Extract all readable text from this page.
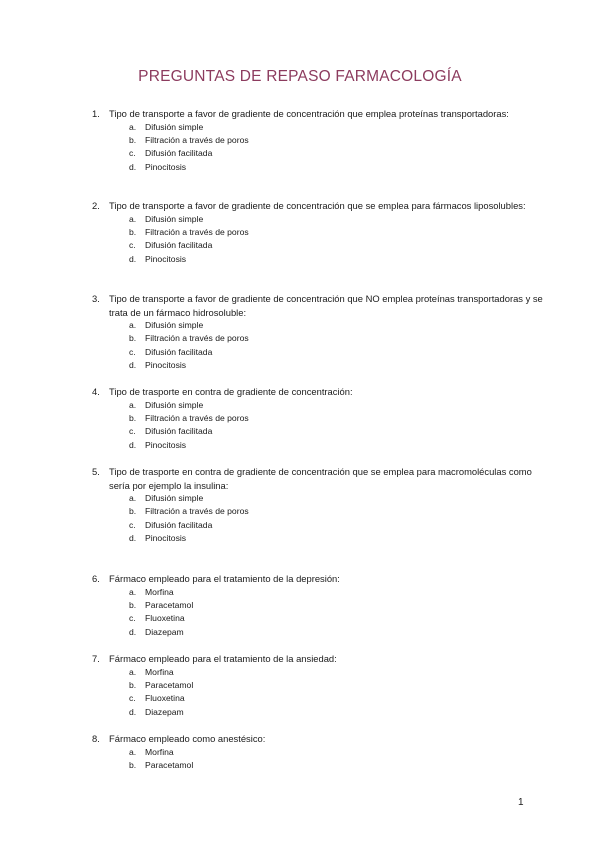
PREGUNTAS DE REPASO FARMACOLOGÍA
1. Tipo de transporte a favor de gradiente de concentración que emplea proteínas transportadoras:
a. Difusión simple
b. Filtración a través de poros
c. Difusión facilitada
d. Pinocitosis
2. Tipo de transporte a favor de gradiente de concentración que se emplea para fármacos liposolubles:
a. Difusión simple
b. Filtración a través de poros
c. Difusión facilitada
d. Pinocitosis
3. Tipo de transporte a favor de gradiente de concentración que NO emplea proteínas transportadoras y se trata de un fármaco hidrosoluble:
a. Difusión simple
b. Filtración a través de poros
c. Difusión facilitada
d. Pinocitosis
4. Tipo de trasporte en contra de gradiente de concentración:
a. Difusión simple
b. Filtración a través de poros
c. Difusión facilitada
d. Pinocitosis
5. Tipo de trasporte en contra de gradiente de concentración que se emplea para macromoléculas como sería por ejemplo la insulina:
a. Difusión simple
b. Filtración a través de poros
c. Difusión facilitada
d. Pinocitosis
6. Fármaco empleado para el tratamiento de la depresión:
a. Morfina
b. Paracetamol
c. Fluoxetina
d. Diazepam
7. Fármaco empleado para el tratamiento de la ansiedad:
a. Morfina
b. Paracetamol
c. Fluoxetina
d. Diazepam
8. Fármaco empleado como anestésico:
a. Morfina
b. Paracetamol
1
